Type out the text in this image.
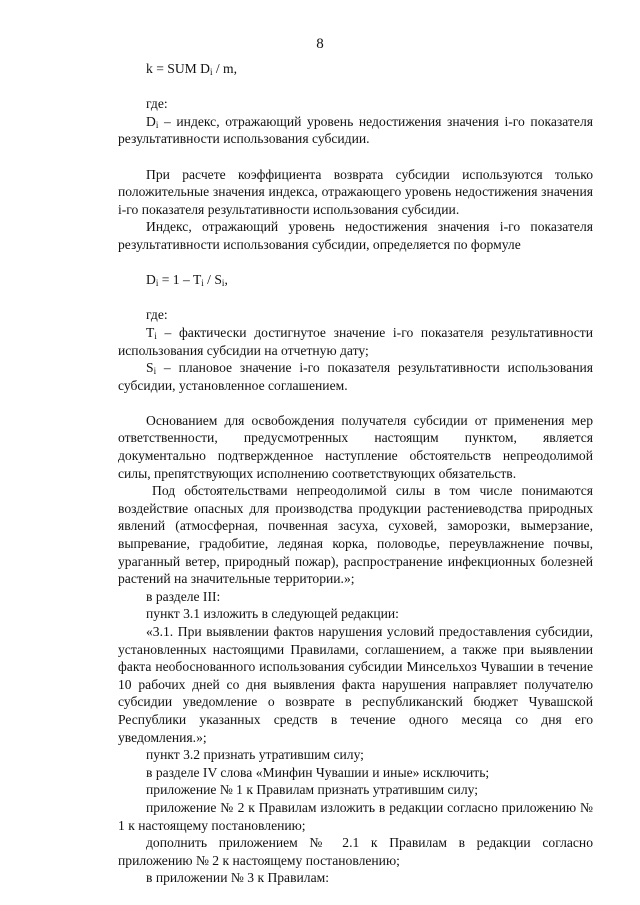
8

k = SUM $D_i$ / m,

где:

$D_i$ – индекс, отражающий уровень недостижения значения i-го показателя результативности использования субсидии.

При расчете коэффициента возврата субсидии используются только положительные значения индекса, отражающего уровень недостижения значения i-го показателя результативности использования субсидии.

Индекс, отражающий уровень недостижения значения i-го показателя результативности использования субсидии, определяется по формуле

$D_i = 1 - T_i / S_i$,

где:

$T_i$ – фактически достигнутое значение i-го показателя результативности использования субсидии на отчетную дату;

$S_i$ – плановое значение i-го показателя результативности использования субсидии, установленное соглашением.

Основанием для освобождения получателя субсидии от применения мер ответственности, предусмотренных настоящим пунктом, является документально подтвержденное наступление обстоятельств непреодолимой силы, препятствующих исполнению соответствующих обязательств.

Под обстоятельствами непреодолимой силы в том числе понимаются воздействие опасных для производства продукции растениеводства природных явлений (атмосферная, почвенная засуха, суховей, заморозки, вымерзание, выпревание, градобитие, ледяная корка, половодье, переувлажнение почвы, ураганный ветер, природный пожар), распространение инфекционных болезней растений на значительные территории.»;

в разделе III:

пункт 3.1 изложить в следующей редакции:

«3.1. При выявлении фактов нарушения условий предоставления субсидии, установленных настоящими Правилами, соглашением, а также при выявлении факта необоснованного использования субсидии Минсельхоз Чувашии в течение 10 рабочих дней со дня выявления факта нарушения направляет получателю субсидии уведомление о возврате в республиканский бюджет Чувашской Республики указанных средств в течение одного месяца со дня его уведомления.»;

пункт 3.2 признать утратившим силу;

в разделе IV слова «Минфин Чувашии и иные» исключить;

приложение № 1 к Правилам признать утратившим силу;

приложение № 2 к Правилам изложить в редакции согласно приложению № 1 к настоящему постановлению;

дополнить приложением № 2.1 к Правилам в редакции согласно приложению № 2 к настоящему постановлению;

в приложении № 3 к Правилам:
